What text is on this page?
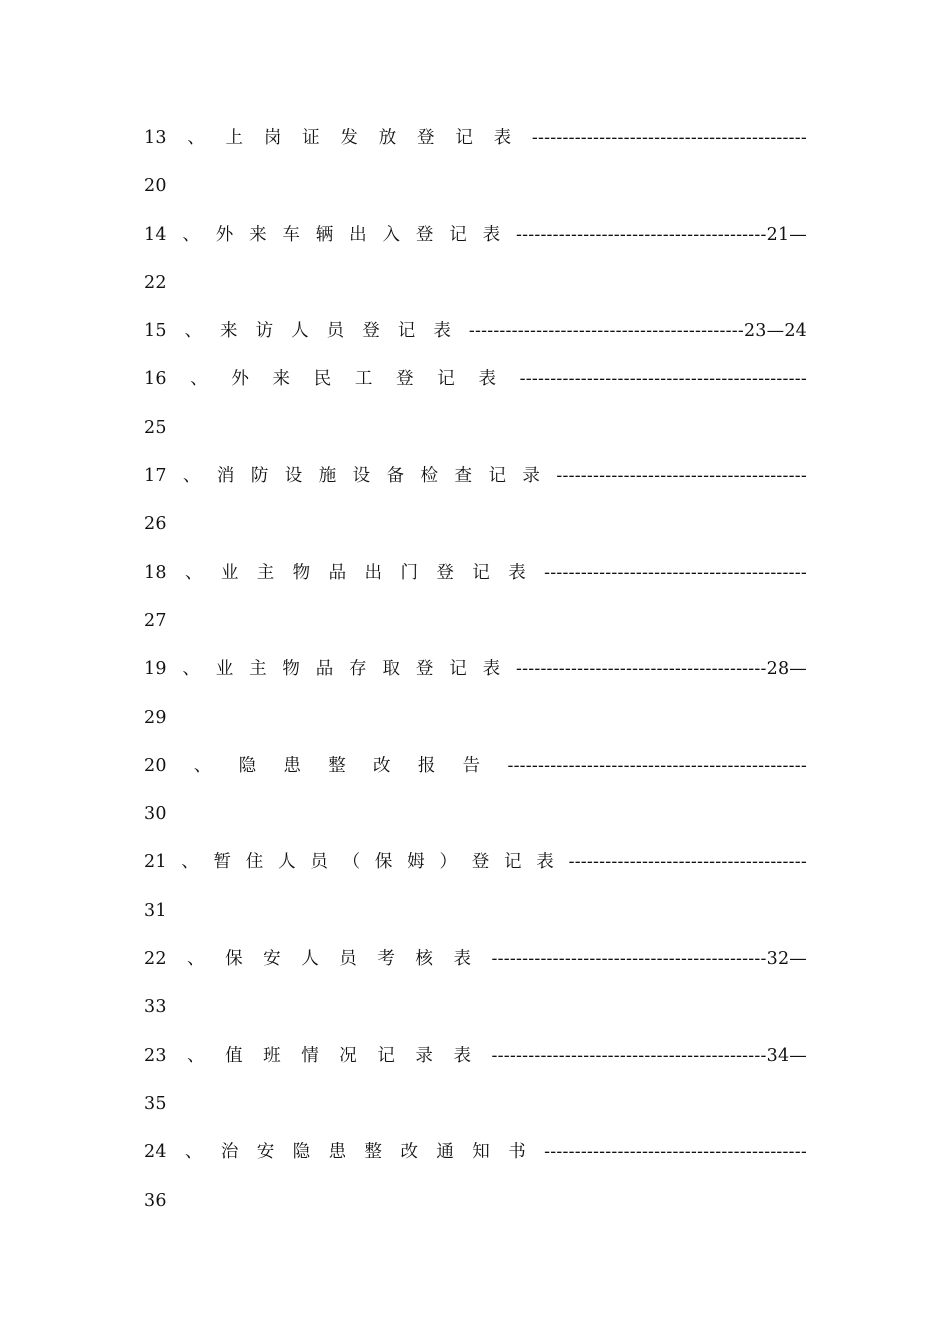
13、上岗证发放登记表---------------------------------------------
20
14、外来车辆出入登记表-----------------------------------------21—
22
15、来访人员登记表---------------------------------------------23—24
16、外来民工登记表-----------------------------------------------
25
17、消防设施设备检查记录-----------------------------------------
26
18、业主物品出门登记表-------------------------------------------
27
19、业主物品存取登记表-----------------------------------------28—
29
20、隐患整改报告-------------------------------------------------
30
21、暂住人员（保姆）登记表---------------------------------------
31
22、保安人员考核表---------------------------------------------32—
33
23、值班情况记录表---------------------------------------------34—
35
24、治安隐患整改通知书-------------------------------------------
36
